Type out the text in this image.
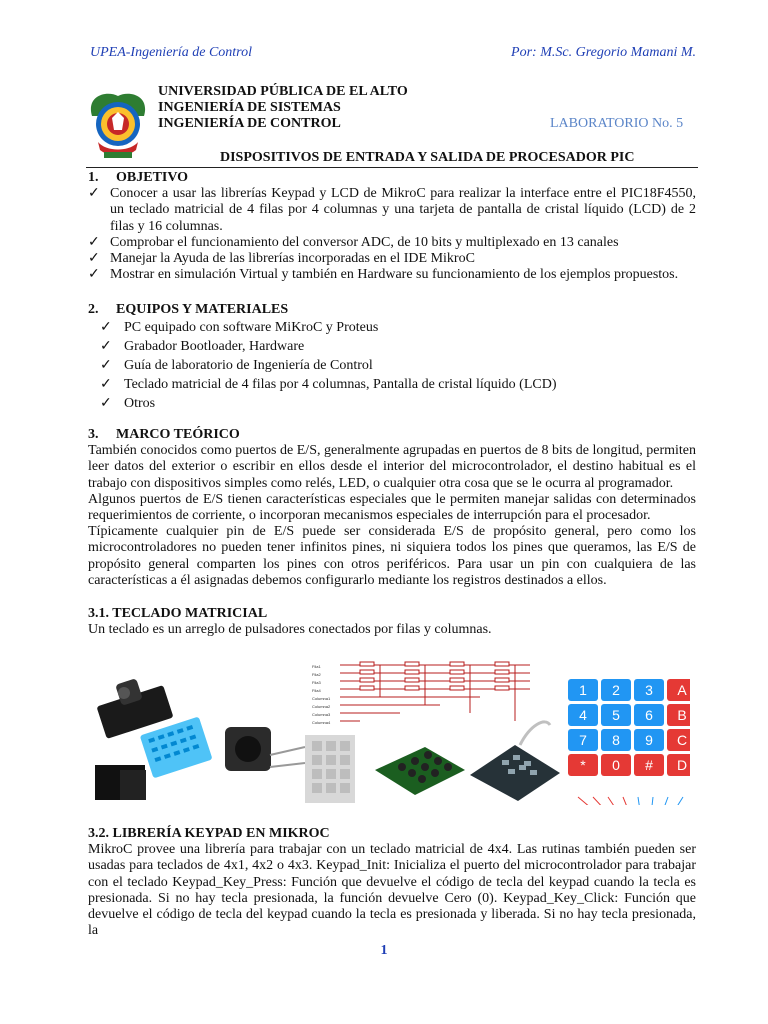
UPEA-Ingeniería de Control	Por: M.Sc. Gregorio Mamani M.
UNIVERSIDAD PÚBLICA DE EL ALTO
INGENIERÍA DE SISTEMAS
INGENIERÍA DE CONTROL	LABORATORIO No. 5
DISPOSITIVOS DE ENTRADA Y SALIDA DE PROCESADOR PIC
1.     OBJETIVO
✓ Conocer a usar las librerías Keypad y LCD de MikroC para realizar la interface entre el PIC18F4550, un teclado matricial de 4 filas por 4 columnas y una tarjeta de pantalla de cristal líquido (LCD) de 2 filas y 16 columnas.
✓ Comprobar el funcionamiento del conversor ADC, de 10 bits y multiplexado en 13 canales
✓ Manejar la Ayuda de las librerías incorporadas en el IDE MikroC
✓ Mostrar en simulación Virtual y también en Hardware su funcionamiento de los ejemplos propuestos.
2.     EQUIPOS Y MATERIALES
✓ PC equipado con software MiKroC y Proteus
✓ Grabador Bootloader, Hardware
✓ Guía de laboratorio de Ingeniería de Control
✓ Teclado matricial de 4 filas por 4 columnas, Pantalla de cristal líquido (LCD)
✓ Otros
3.     MARCO TEÓRICO
También conocidos como puertos de E/S, generalmente agrupadas en puertos de 8 bits de longitud, permiten leer datos del exterior o escribir en ellos desde el interior del microcontrolador, el destino habitual es el trabajo con dispositivos simples como relés, LED, o cualquier otra cosa que se le ocurra al programador.
Algunos puertos de E/S tienen características especiales que le permiten manejar salidas con determinados requerimientos de corriente, o incorporan mecanismos especiales de interrupción para el procesador.
Típicamente cualquier pin de E/S puede ser considerada E/S de propósito general, pero como los microcontroladores no pueden tener infinitos pines, ni siquiera todos los pines que queramos, las E/S de propósito general comparten los pines con otros periféricos. Para usar un pin con cualquiera de las características a él asignadas debemos configurarlo mediante los registros destinados a ellos.
3.1. TECLADO MATRICIAL
Un teclado es un arreglo de pulsadores conectados por filas y columnas.
Fila1
Fila2
Fila3
Fila4
Columna1
Columna2
Columna3
Columna4
1 2 3 A
4 5 6 B
7 8 9 C
* 0 # D
3.2. LIBRERÍA KEYPAD EN MIKROC
MikroC provee una librería para trabajar con un teclado matricial de 4x4. Las rutinas también pueden ser usadas para teclados de 4x1, 4x2 o 4x3. Keypad_Init: Inicializa el puerto del microcontrolador para trabajar con el teclado Keypad_Key_Press: Función que devuelve el código de tecla del keypad cuando la tecla es presionada. Si no hay tecla presionada, la función devuelve Cero (0). Keypad_Key_Click: Función que devuelve el código de tecla del keypad cuando la tecla es presionada y liberada. Si no hay tecla presionada, la
1
